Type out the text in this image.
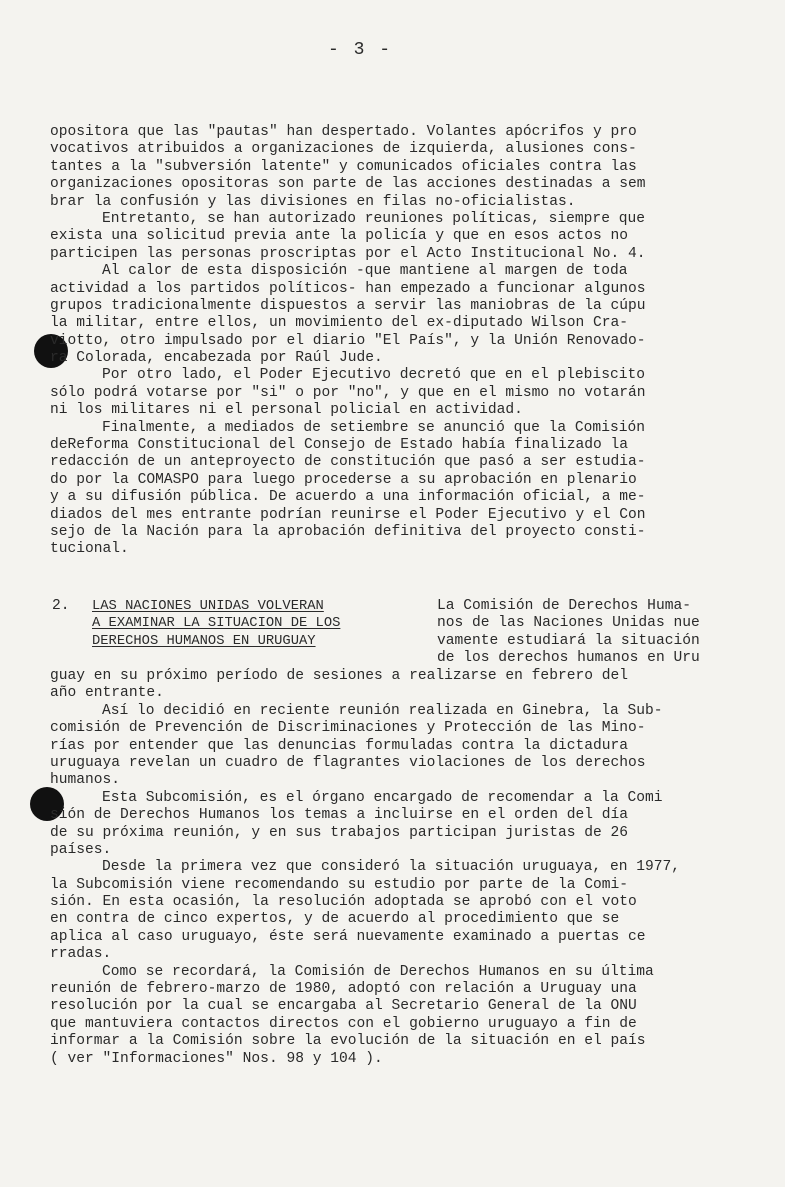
- 3 -
opositora que las "pautas" han despertado. Volantes apócrifos y pro
vocativos atribuidos a organizaciones de izquierda, alusiones cons-
tantes a la "subversión latente" y comunicados oficiales contra las
organizaciones opositoras son parte de las acciones destinadas a sem
brar la confusión y las divisiones en filas no-oficialistas.
Entretanto, se han autorizado reuniones políticas, siempre que
exista una solicitud previa ante la policía y que en esos actos no
participen las personas proscriptas por el Acto Institucional No. 4.
Al calor de esta disposición -que mantiene al margen de toda
actividad a los partidos políticos- han empezado a funcionar algunos
grupos tradicionalmente dispuestos a servir las maniobras de la cúpu
la militar, entre ellos, un movimiento del ex-diputado Wilson Cra-
viotto, otro impulsado por el diario "El País", y la Unión Renovado-
ra Colorada, encabezada por Raúl Jude.
Por otro lado, el Poder Ejecutivo decretó que en el plebiscito
sólo podrá votarse por "si" o por "no", y que en el mismo no votarán
ni los militares ni el personal policial en actividad.
Finalmente, a mediados de setiembre se anunció que la Comisión
deReforma Constitucional del Consejo de Estado había finalizado la
redacción de un anteproyecto de constitución que pasó a ser estudia-
do por la COMASPO para luego procederse a su aprobación en plenario
y a su difusión pública. De acuerdo a una información oficial, a me-
diados del mes entrante podrían reunirse el Poder Ejecutivo y el Con
sejo de la Nación para la aprobación definitiva del proyecto consti-
tucional.
2. LAS NACIONES UNIDAS VOLVERAN
A EXAMINAR LA SITUACION DE LOS
DERECHOS HUMANOS EN URUGUAY
La Comisión de Derechos Huma-
nos de las Naciones Unidas nue
vamente estudiará la situación
de los derechos humanos en Uru
guay en su próximo período de sesiones a realizarse en febrero del
año entrante.
Así lo decidió en reciente reunión realizada en Ginebra, la Sub-
comisión de Prevención de Discriminaciones y Protección de las Mino-
rías por entender que las denuncias formuladas contra la dictadura
uruguaya revelan un cuadro de flagrantes violaciones de los derechos
humanos.
Esta Subcomisión, es el órgano encargado de recomendar a la Comi
sión de Derechos Humanos los temas a incluirse en el orden del día
de su próxima reunión, y en sus trabajos participan juristas de 26
países.
Desde la primera vez que consideró la situación uruguaya, en 1977,
la Subcomisión viene recomendando su estudio por parte de la Comi-
sión. En esta ocasión, la resolución adoptada se aprobó con el voto
en contra de cinco expertos, y de acuerdo al procedimiento que se
aplica al caso uruguayo, éste será nuevamente examinado a puertas ce
rradas.
Como se recordará, la Comisión de Derechos Humanos en su última
reunión de febrero-marzo de 1980, adoptó con relación a Uruguay una
resolución por la cual se encargaba al Secretario General de la ONU
que mantuviera contactos directos con el gobierno uruguayo a fin de
informar a la Comisión sobre la evolución de la situación en el país
( ver "Informaciones" Nos. 98 y 104 ).
